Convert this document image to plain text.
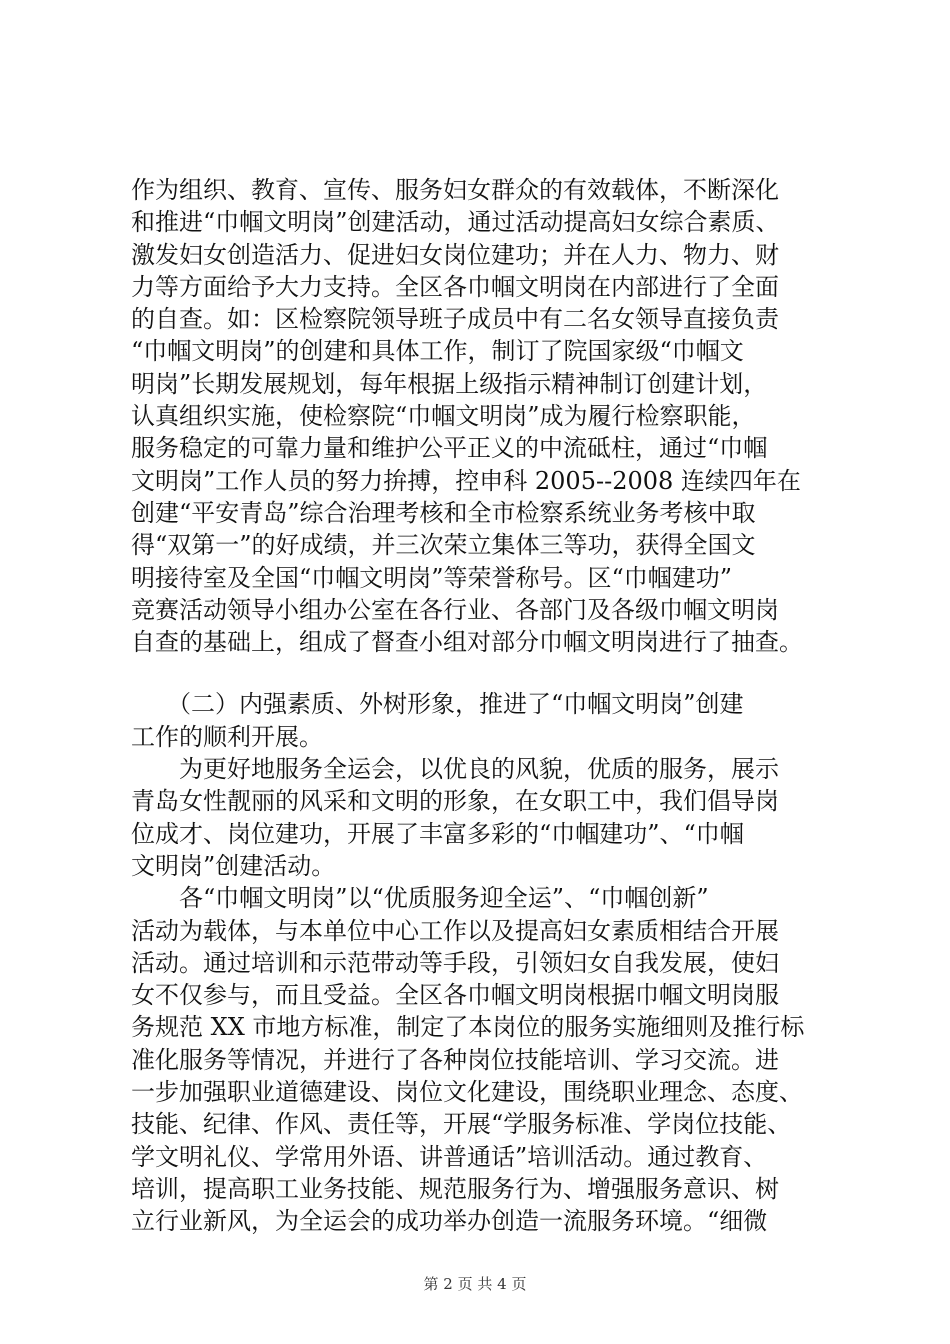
作为组织、教育、宣传、服务妇女群众的有效载体，不断深化
和推进“巾帼文明岗”创建活动，通过活动提高妇女综合素质、
激发妇女创造活力、促进妇女岗位建功；并在人力、物力、财
力等方面给予大力支持。全区各巾帼文明岗在内部进行了全面
的自查。如：区检察院领导班子成员中有二名女领导直接负责
“巾帼文明岗”的创建和具体工作，制订了院国家级“巾帼文
明岗”长期发展规划，每年根据上级指示精神制订创建计划，
认真组织实施，使检察院“巾帼文明岗”成为履行检察职能，
服务稳定的可靠力量和维护公平正义的中流砥柱，通过“巾帼
文明岗”工作人员的努力拚搏，控申科 2005--2008 连续四年在
创建“平安青岛”综合治理考核和全市检察系统业务考核中取
得“双第一”的好成绩，并三次荣立集体三等功，获得全国文
明接待室及全国“巾帼文明岗”等荣誉称号。区“巾帼建功”
竞赛活动领导小组办公室在各行业、各部门及各级巾帼文明岗
自查的基础上，组成了督查小组对部分巾帼文明岗进行了抽查。
　　（二）内强素质、外树形象，推进了“巾帼文明岗”创建
工作的顺利开展。
　　为更好地服务全运会，以优良的风貌，优质的服务，展示
青岛女性靓丽的风采和文明的形象，在女职工中，我们倡导岗
位成才、岗位建功，开展了丰富多彩的“巾帼建功”、“巾帼
文明岗”创建活动。
　　各“巾帼文明岗”以“优质服务迎全运”、“巾帼创新”
活动为载体，与本单位中心工作以及提高妇女素质相结合开展
活动。通过培训和示范带动等手段，引领妇女自我发展，使妇
女不仅参与，而且受益。全区各巾帼文明岗根据巾帼文明岗服
务规范 XX 市地方标准，制定了本岗位的服务实施细则及推行标
准化服务等情况，并进行了各种岗位技能培训、学习交流。进
一步加强职业道德建设、岗位文化建设，围绕职业理念、态度、
技能、纪律、作风、责任等，开展“学服务标准、学岗位技能、
学文明礼仪、学常用外语、讲普通话”培训活动。通过教育、
培训，提高职工业务技能、规范服务行为、增强服务意识、树
立行业新风，为全运会的成功举办创造一流服务环境。“细微
第 2 页 共 4 页
